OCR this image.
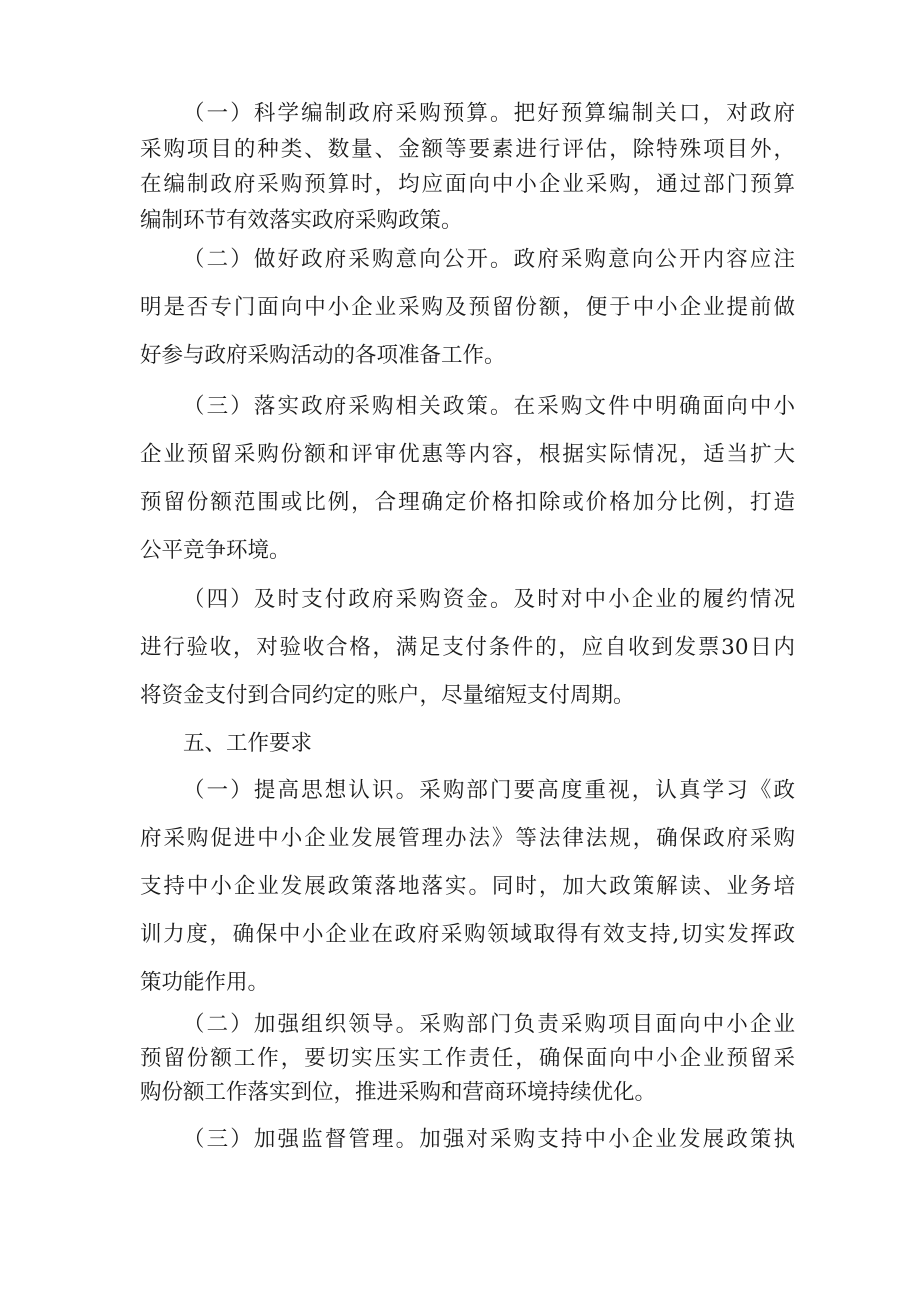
（一）科学编制政府采购预算。把好预算编制关口，对政府
采购项目的种类、数量、金额等要素进行评估，除特殊项目外，
在编制政府采购预算时，均应面向中小企业采购，通过部门预算
编制环节有效落实政府采购政策。
（二）做好政府采购意向公开。政府采购意向公开内容应注
明是否专门面向中小企业采购及预留份额，便于中小企业提前做
好参与政府采购活动的各项准备工作。
（三）落实政府采购相关政策。在采购文件中明确面向中小
企业预留采购份额和评审优惠等内容，根据实际情况，适当扩大
预留份额范围或比例，合理确定价格扣除或价格加分比例，打造
公平竞争环境。
（四）及时支付政府采购资金。及时对中小企业的履约情况
进行验收，对验收合格，满足支付条件的，应自收到发票30日内
将资金支付到合同约定的账户，尽量缩短支付周期。
五、工作要求
（一）提高思想认识。采购部门要高度重视，认真学习《政
府采购促进中小企业发展管理办法》等法律法规，确保政府采购
支持中小企业发展政策落地落实。同时，加大政策解读、业务培
训力度，确保中小企业在政府采购领域取得有效支持,切实发挥政
策功能作用。
（二）加强组织领导。采购部门负责采购项目面向中小企业
预留份额工作，要切实压实工作责任，确保面向中小企业预留采
购份额工作落实到位，推进采购和营商环境持续优化。
（三）加强监督管理。加强对采购支持中小企业发展政策执
